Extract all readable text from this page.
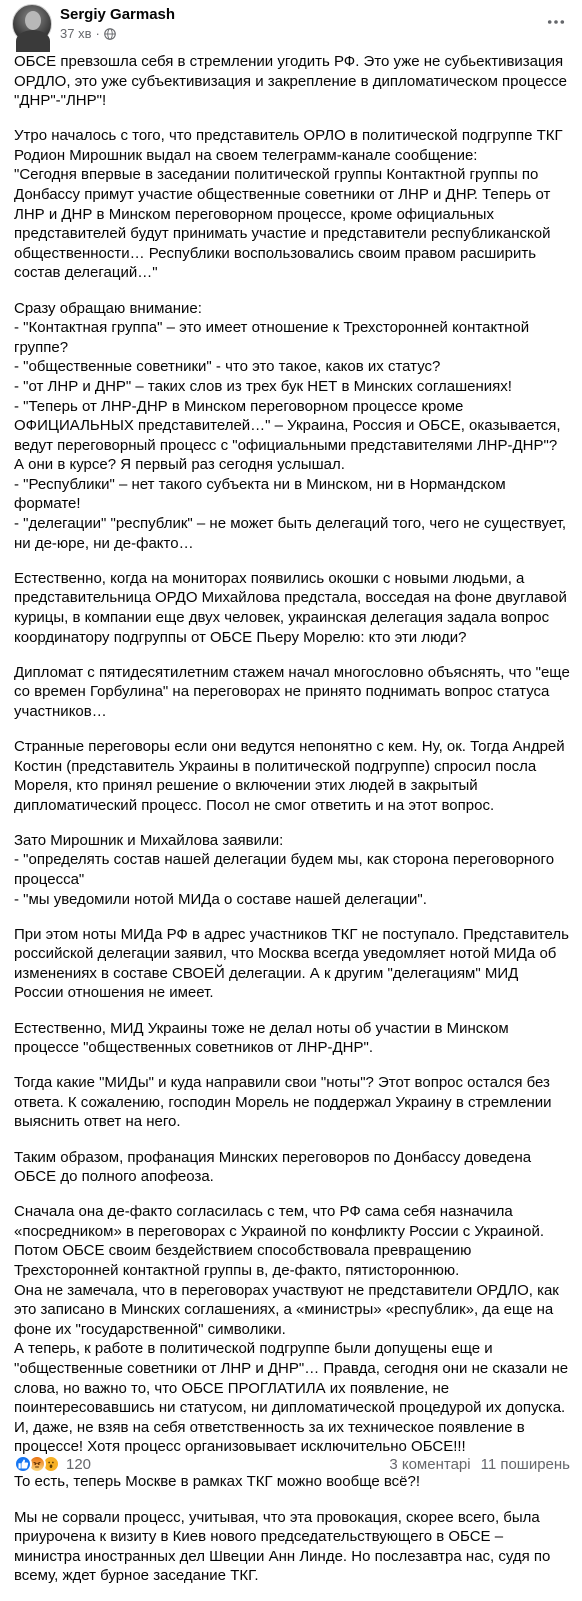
Sergiy Garmash
37 хв ·

ОБСЕ превзошла себя в стремлении угодить РФ. Это уже не субьективизация ОРДЛО, это уже субъективизация и закрепление в дипломатическом процессе "ДНР"-"ЛНР"!

Утро началось с того, что представитель ОРЛО в политической подгруппе ТКГ Родион Мирошник выдал на своем телеграмм-канале сообщение:
"Сегодня впервые в заседании политической группы Контактной группы по Донбассу примут участие общественные советники от ЛНР и ДНР. Теперь от ЛНР и ДНР в Минском переговорном процессе, кроме официальных представителей будут принимать участие и представители республиканской общественности… Республики воспользовались своим правом расширить состав делегаций…"

Сразу обращаю внимание:
- "Контактная группа" – это имеет отношение к Трехсторонней контактной группе?
- "общественные советники" - что это такое, каков их статус?
- "от ЛНР и ДНР" – таких слов из трех бук НЕТ в Минских соглашениях!
- "Теперь от ЛНР-ДНР в Минском переговорном процессе кроме ОФИЦИАЛЬНЫХ представителей…" – Украина, Россия и ОБСЕ, оказывается, ведут переговорный процесс с "официальными представителями ЛНР-ДНР"? А они в курсе? Я первый раз сегодня услышал.
- "Республики" – нет такого субъекта ни в Минском, ни в Нормандском формате!
- "делегации" "республик" – не может быть делегаций того, чего не существует, ни де-юре, ни де-факто…

Естественно, когда на мониторах появились окошки с новыми людьми, а представительница ОРДО Михайлова предстала, восседая на фоне двуглавой курицы, в компании еще двух человек, украинская делегация задала вопрос координатору подгруппы от ОБСЕ Пьеру Морелю: кто эти люди?

Дипломат с пятидесятилетним стажем начал многословно объяснять, что "еще со времен Горбулина" на переговорах не принято поднимать вопрос статуса участников…

Странные переговоры если они ведутся непонятно с кем. Ну, ок. Тогда Андрей Костин (представитель Украины в политической подгруппе) спросил посла Мореля, кто принял решение о включении этих людей в закрытый дипломатический процесс. Посол не смог ответить и на этот вопрос.

Зато Мирошник и Михайлова заявили:
- "определять состав нашей делегации будем мы, как сторона переговорного процесса"
- "мы уведомили нотой МИДа о составе нашей делегации".

При этом ноты МИДа РФ в адрес участников ТКГ не поступало. Представитель российской делегации заявил, что Москва всегда уведомляет нотой МИДа об изменениях в составе СВОЕЙ делегации. А к другим "делегациям" МИД России отношения не имеет.

Естественно, МИД Украины тоже не делал ноты об участии в Минском процессе "общественных советников от ЛНР-ДНР".

Тогда какие "МИДы" и куда направили свои "ноты"? Этот вопрос остался без ответа. К сожалению, господин Морель не поддержал Украину в стремлении выяснить ответ на него.

Таким образом, профанация Минских переговоров по Донбассу доведена ОБСЕ до полного апофеоза.

Сначала она де-факто согласилась с тем, что РФ сама себя назначила «посредником» в переговорах с Украиной по конфликту России с Украиной.
Потом ОБСЕ своим бездействием способствовала превращению Трехсторонней контактной группы в, де-факто, пятистороннюю.
Она не замечала, что в переговорах участвуют не представители ОРДЛО, как это записано в Минских соглашениях, а «министры» «республик», да еще на фоне их "государственной" символики.
А теперь, к работе в политической подгруппе были допущены еще и "общественные советники от ЛНР и ДНР"… Правда, сегодня они не сказали не слова, но важно то, что ОБСЕ ПРОГЛАТИЛА их появление, не поинтересовавшись ни статусом, ни дипломатической процедурой их допуска. И, даже, не взяв на себя ответственность за их техническое появление в процессе! Хотя процесс организовывает исключительно ОБСЕ!!!

То есть, теперь Москве в рамках ТКГ можно вообще всё?!

Мы не сорвали процесс, учитывая, что эта провокация, скорее всего, была приурочена к визиту в Киев нового председательствующего в ОБСЕ – министра иностранных дел Швеции Анн Линде. Но послезавтра нас, судя по всему, ждет бурное заседание ТКГ.

120	3 коментарі 11 поширень
